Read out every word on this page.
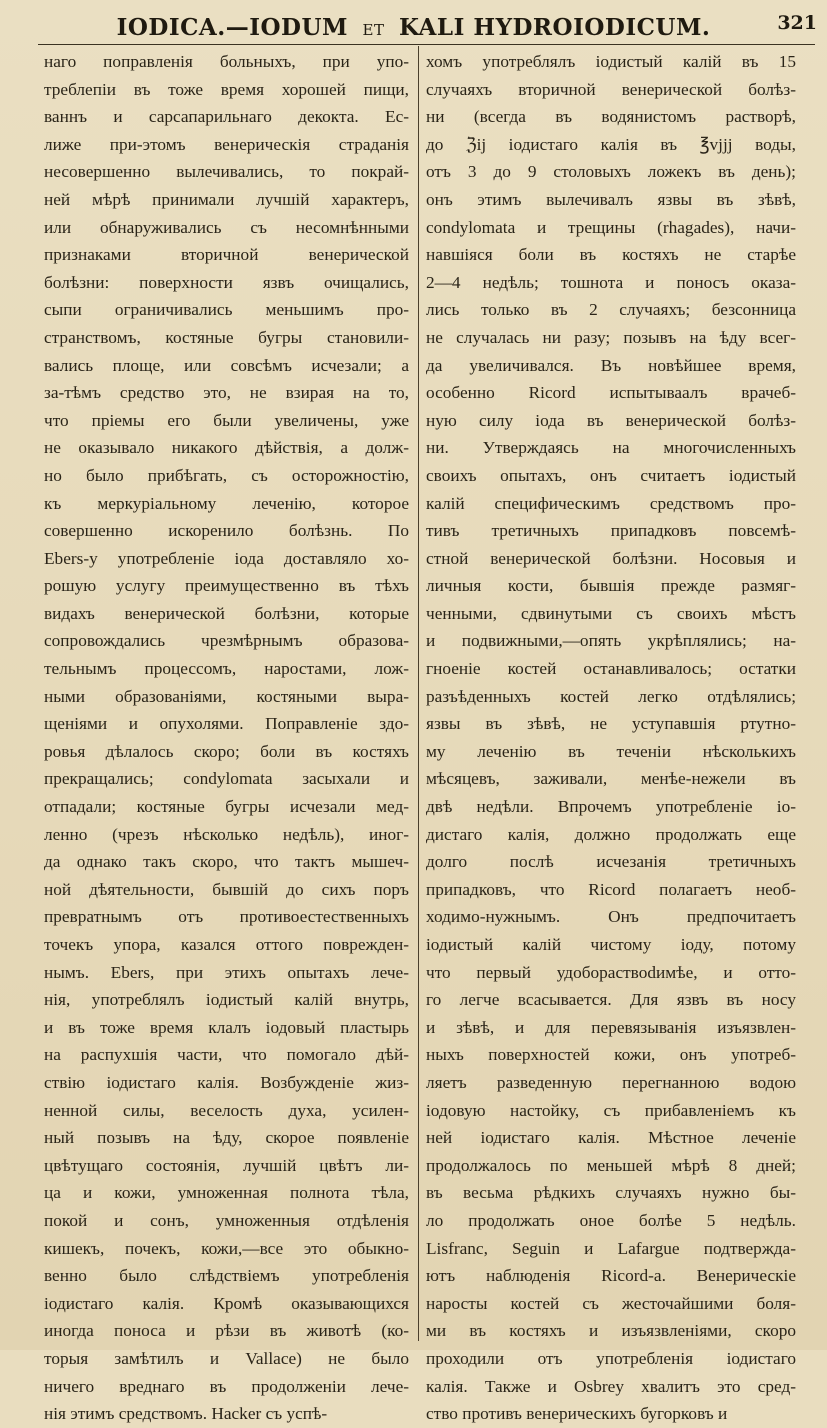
IODICA.—IODUM ET KALI HYDROIODICUM.	321
наго поправленія больныхъ, при упо-
треблепіи въ тоже время хорошей пищи,
ваннъ и сарсапарильнаго декокта. Ес-
лиже при-этомъ венерическія страданія
несовершенно вылечивались, то покрай-
ней мѣрѣ принимали лучшій характеръ,
или обнаруживались съ несомнѣнными
признаками вторичной венерической
болѣзни: поверхности язвъ очищались,
сыпи ограничивались меньшимъ про-
странствомъ, костяные бугры становили-
вались площе, или совсѣмъ исчезали; а
за-тѣмъ средство это, не взирая на то,
что пріемы его были увеличены, уже
не оказывало никакого дѣйствія, а долж-
но было прибѣгать, съ осторожностію,
къ меркуріальному леченію, которое
совершенно искоренило болѣзнь. По
Ebers-у употребленіе іода доставляло хо-
рошую услугу преимущественно въ тѣхъ
видахъ венерической болѣзни, которые
сопровождались чрезмѣрнымъ образова-
тельнымъ процессомъ, наростами, лож-
ными образованіями, костяными выра-
щеніями и опухолями. Поправленіе здо-
ровья дѣлалось скоро; боли въ костяхъ
прекращались; condylomata засыхали и
отпадали; костяные бугры исчезали мед-
ленно (чрезъ нѣсколько недѣль), иног-
да однако такъ скоро, что тактъ мышеч-
ной дѣятельности, бывшій до сихъ поръ
превратнымъ отъ противоестественныхъ
точекъ упора, казался оттого поврежден-
нымъ. Ebers, при этихъ опытахъ лече-
нія, употреблялъ іодистый калій внутрь,
и въ тоже время клалъ іодовый пластырь
на распухшія части, что помогало дѣй-
ствію іодистаго калія. Возбужденіе жиз-
ненной силы, веселость духа, усилен-
ный позывъ на ѣду, скорое появленіе
цвѣтущаго состоянія, лучшій цвѣтъ ли-
ца и кожи, умноженная полнота тѣла,
покой и сонъ, умноженныя отдѣленія
кишекъ, почекъ, кожи,—все это обыкно-
венно было слѣдствіемъ употребленія
іодистаго калія. Кромѣ оказывающихся
иногда поноса и рѣзи въ животѣ (ко-
торыя замѣтилъ и Vallace) не было
ничего вреднаго въ продолженіи лече-
нія этимъ средствомъ. Hacker съ успѣ-
хомъ употреблялъ іодистый калій въ 15
случаяхъ вторичной венерической болѣз-
ни (всегда въ водянистомъ растворѣ,
до ℨij іодистаго калія въ ℥vjjj воды,
отъ 3 до 9 столовыхъ ложекъ въ день);
онъ этимъ вылечивалъ язвы въ зѣвѣ,
condylomata и трещины (rhagades), начи-
навшіяся боли въ костяхъ не старѣе
2—4 недѣль; тошнота и поносъ оказа-
лись только въ 2 случаяхъ; безсонница
не случалась ни разу; позывъ на ѣду всег-
да увеличивался. Въ новѣйшее время,
особенно Ricord испытываалъ врачеб-
ную силу іода въ венерической болѣз-
ни. Утверждаясь на многочисленныхъ
своихъ опытахъ, онъ считаетъ іодистый
калій специфическимъ средствомъ про-
тивъ третичныхъ припадковъ повсемѣ-
стной венерической болѣзни. Носовыя и
личныя кости, бывшія прежде размяг-
ченными, сдвинутыми съ своихъ мѣстъ
и подвижными,—опять укрѣплялись; на-
гноеніе костей останавливалось; остатки
разъѣденныхъ костей легко отдѣлялись;
язвы въ зѣвѣ, не уступавшія ртутно-
му леченію въ теченіи нѣсколькихъ
мѣсяцевъ, заживали, менѣе-нежели въ
двѣ недѣли. Впрочемъ употребленіе іо-
дистаго калія, должно продолжать еще
долго послѣ исчезанія третичныхъ
припадковъ, что Ricord полагаетъ необ-
ходимо-нужнымъ. Онъ предпочитаетъ
іодистый калій чистому іоду, потому
что первый удобораствоdимѣе, и отто-
го легче всасывается. Для язвъ въ носу
и зѣвѣ, и для перевязыванія изъязвлен-
ныхъ поверхностей кожи, онъ употреб-
ляетъ разведенную перегнанною водою
іодовую настойку, съ прибавленіемъ къ
ней іодистаго калія. Мѣстное леченіе
продолжалось по меньшей мѣрѣ 8 дней;
въ весьма рѣдкихъ случаяхъ нужно бы-
ло продолжать оное болѣе 5 недѣль.
Lisfranc, Seguin и Lafargue подтвержда-
ютъ наблюденія Ricord-а. Венерическіе
наросты костей съ жесточайшими боля-
ми въ костяхъ и изъязвленіями, скоро
проходили отъ употребленія іодистаго
калія. Также и Osbrey хвалитъ это сред-
ство противъ венерическихъ бугорковъ и
